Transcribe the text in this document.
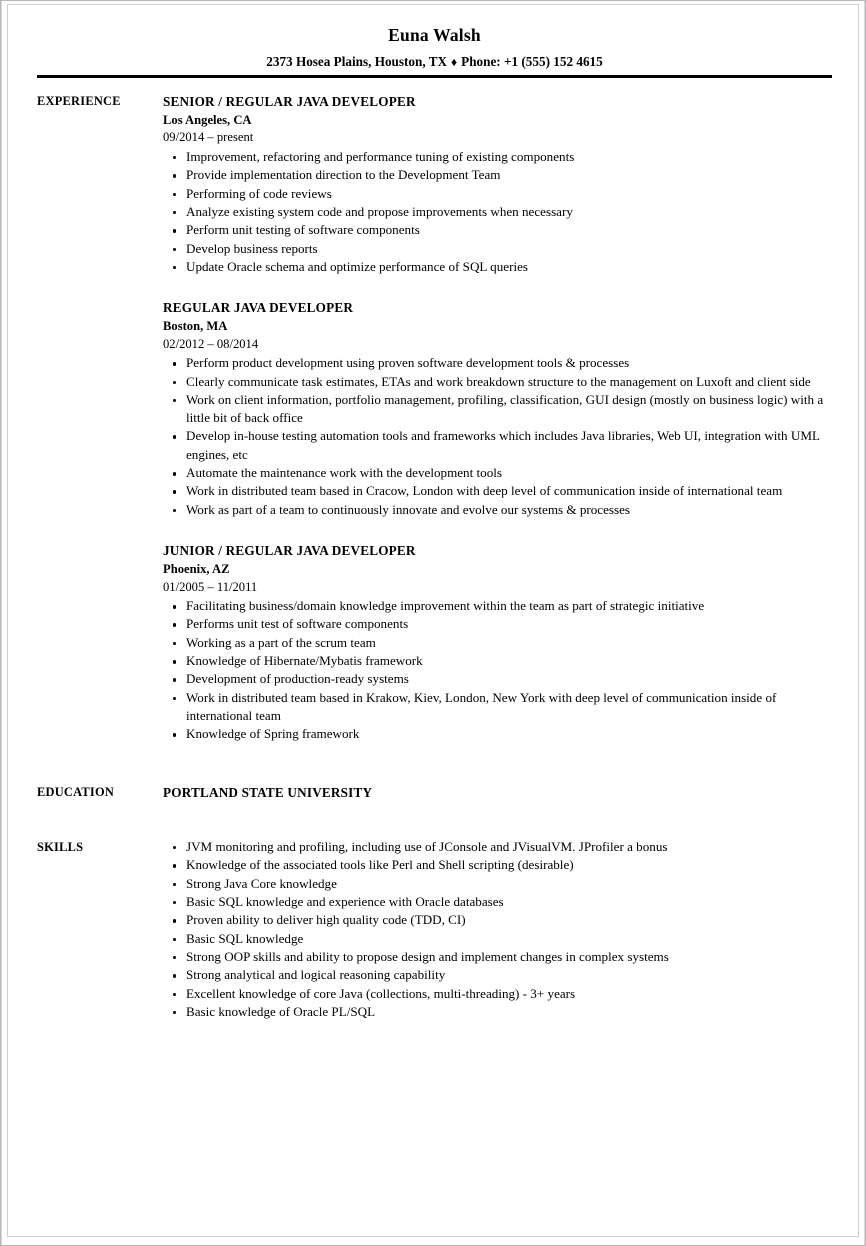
Euna Walsh
2373 Hosea Plains, Houston, TX ♦ Phone: +1 (555) 152 4615
EXPERIENCE	SENIOR / REGULAR JAVA DEVELOPER
Los Angeles, CA
09/2014 – present
Improvement, refactoring and performance tuning of existing components
Provide implementation direction to the Development Team
Performing of code reviews
Analyze existing system code and propose improvements when necessary
Perform unit testing of software components
Develop business reports
Update Oracle schema and optimize performance of SQL queries
REGULAR JAVA DEVELOPER
Boston, MA
02/2012 – 08/2014
Perform product development using proven software development tools & processes
Clearly communicate task estimates, ETAs and work breakdown structure to the management on Luxoft and client side
Work on client information, portfolio management, profiling, classification, GUI design (mostly on business logic) with a little bit of back office
Develop in-house testing automation tools and frameworks which includes Java libraries, Web UI, integration with UML engines, etc
Automate the maintenance work with the development tools
Work in distributed team based in Cracow, London with deep level of communication inside of international team
Work as part of a team to continuously innovate and evolve our systems & processes
JUNIOR / REGULAR JAVA DEVELOPER
Phoenix, AZ
01/2005 – 11/2011
Facilitating business/domain knowledge improvement within the team as part of strategic initiative
Performs unit test of software components
Working as a part of the scrum team
Knowledge of Hibernate/Mybatis framework
Development of production-ready systems
Work in distributed team based in Krakow, Kiev, London, New York with deep level of communication inside of international team
Knowledge of Spring framework
EDUCATION	PORTLAND STATE UNIVERSITY
SKILLS	JVM monitoring and profiling, including use of JConsole and JVisualVM. JProfiler a bonus
Knowledge of the associated tools like Perl and Shell scripting (desirable)
Strong Java Core knowledge
Basic SQL knowledge and experience with Oracle databases
Proven ability to deliver high quality code (TDD, CI)
Basic SQL knowledge
Strong OOP skills and ability to propose design and implement changes in complex systems
Strong analytical and logical reasoning capability
Excellent knowledge of core Java (collections, multi-threading) - 3+ years
Basic knowledge of Oracle PL/SQL
